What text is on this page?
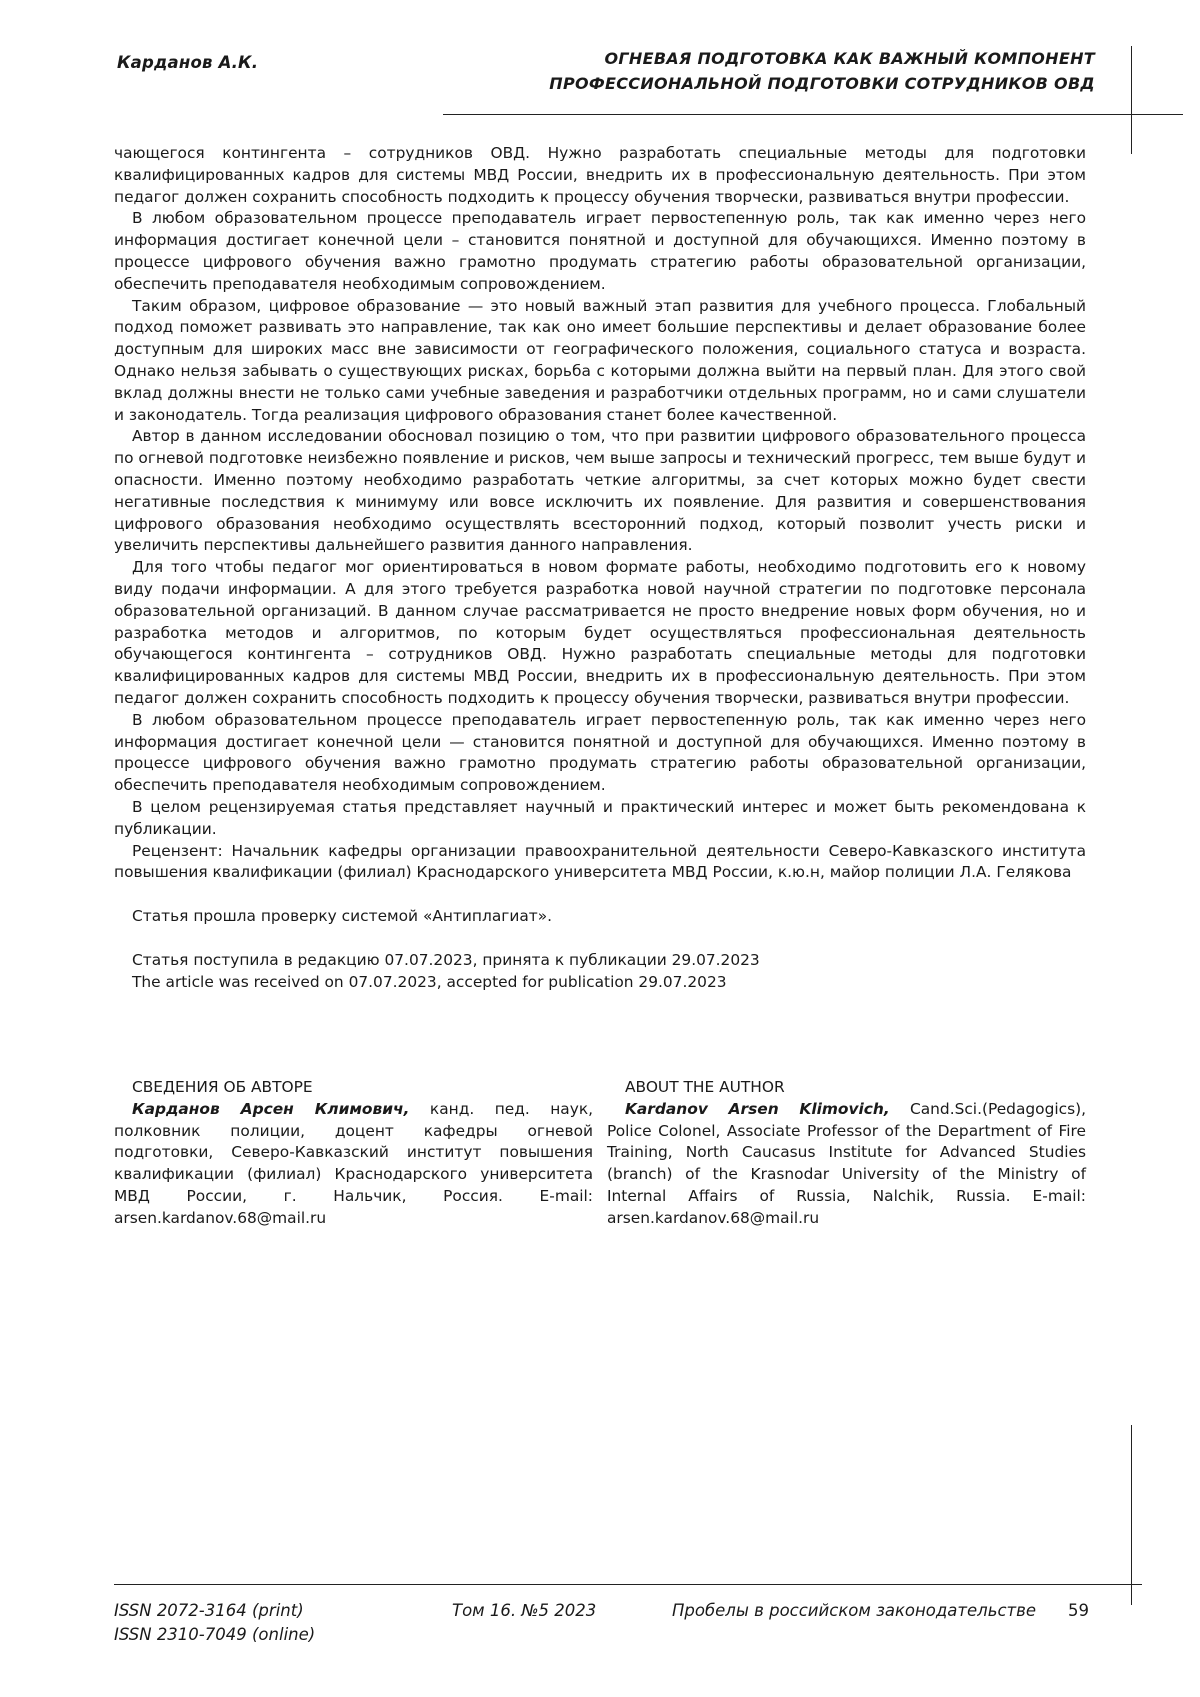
Карданов А.К.	ОГНЕВАЯ ПОДГОТОВКА КАК ВАЖНЫЙ КОМПОНЕНТ
ПРОФЕССИОНАЛЬНОЙ ПОДГОТОВКИ СОТРУДНИКОВ ОВД

чающегося контингента – сотрудников ОВД. Нужно разработать специальные методы для подготовки квалифицированных кадров для системы МВД России, внедрить их в профессиональную деятельность. При этом педагог должен сохранить способность подходить к процессу обучения творчески, развиваться внутри профессии.

В любом образовательном процессе преподаватель играет первостепенную роль, так как именно через него информация достигает конечной цели – становится понятной и доступной для обучающихся. Именно поэтому в процессе цифрового обучения важно грамотно продумать стратегию работы образовательной организации, обеспечить преподавателя необходимым сопровождением.

Таким образом, цифровое образование — это новый важный этап развития для учебного процесса. Глобальный подход поможет развивать это направление, так как оно имеет большие перспективы и делает образование более доступным для широких масс вне зависимости от географического положения, социального статуса и возраста. Однако нельзя забывать о существующих рисках, борьба с которыми должна выйти на первый план. Для этого свой вклад должны внести не только сами учебные заведения и разработчики отдельных программ, но и сами слушатели и законодатель. Тогда реализация цифрового образования станет более качественной.

Автор в данном исследовании обосновал позицию о том, что при развитии цифрового образовательного процесса по огневой подготовке неизбежно появление и рисков, чем выше запросы и технический прогресс, тем выше будут и опасности. Именно поэтому необходимо разработать четкие алгоритмы, за счет которых можно будет свести негативные последствия к минимуму или вовсе исключить их появление. Для развития и совершенствования цифрового образования необходимо осуществлять всесторонний подход, который позволит учесть риски и увеличить перспективы дальнейшего развития данного направления.

Для того чтобы педагог мог ориентироваться в новом формате работы, необходимо подготовить его к новому виду подачи информации. А для этого требуется разработка новой научной стратегии по подготовке персонала образовательной организаций. В данном случае рассматривается не просто внедрение новых форм обучения, но и разработка методов и алгоритмов, по которым будет осуществляться профессиональная деятельность обучающегося контингента – сотрудников ОВД. Нужно разработать специальные методы для подготовки квалифицированных кадров для системы МВД России, внедрить их в профессиональную деятельность. При этом педагог должен сохранить способность подходить к процессу обучения творчески, развиваться внутри профессии.

В любом образовательном процессе преподаватель играет первостепенную роль, так как именно через него информация достигает конечной цели — становится понятной и доступной для обучающихся. Именно поэтому в процессе цифрового обучения важно грамотно продумать стратегию работы образовательной организации, обеспечить преподавателя необходимым сопровождением.

В целом рецензируемая статья представляет научный и практический интерес и может быть рекомендована к публикации.

Рецензент: Начальник кафедры организации правоохранительной деятельности Северо-Кавказского института повышения квалификации (филиал) Краснодарского университета МВД России, к.ю.н, майор полиции Л.А. Гелякова

Статья прошла проверку системой «Антиплагиат».

Статья поступила в редакцию 07.07.2023, принята к публикации 29.07.2023

The article was received on 07.07.2023, accepted for publication 29.07.2023

СВЕДЕНИЯ ОБ АВТОРЕ

Карданов Арсен Климович, канд. пед. наук, полковник полиции, доцент кафедры огневой подготовки, Северо-Кавказский институт повышения квалификации (филиал) Краснодарского университета МВД России, г. Нальчик, Россия. E-mail: arsen.kardanov.68@mail.ru

ABOUT THE AUTHOR

Kardanov Arsen Klimovich, Cand.Sci.(Pedagogics), Police Colonel, Associate Professor of the Department of Fire Training, North Caucasus Institute for Advanced Studies (branch) of the Krasnodar University of the Ministry of Internal Affairs of Russia, Nalchik, Russia. E-mail: arsen.kardanov.68@mail.ru

ISSN 2072-3164 (print)
ISSN 2310-7049 (online)
Том 16. №5 2023	Пробелы в российском законодательстве 59
